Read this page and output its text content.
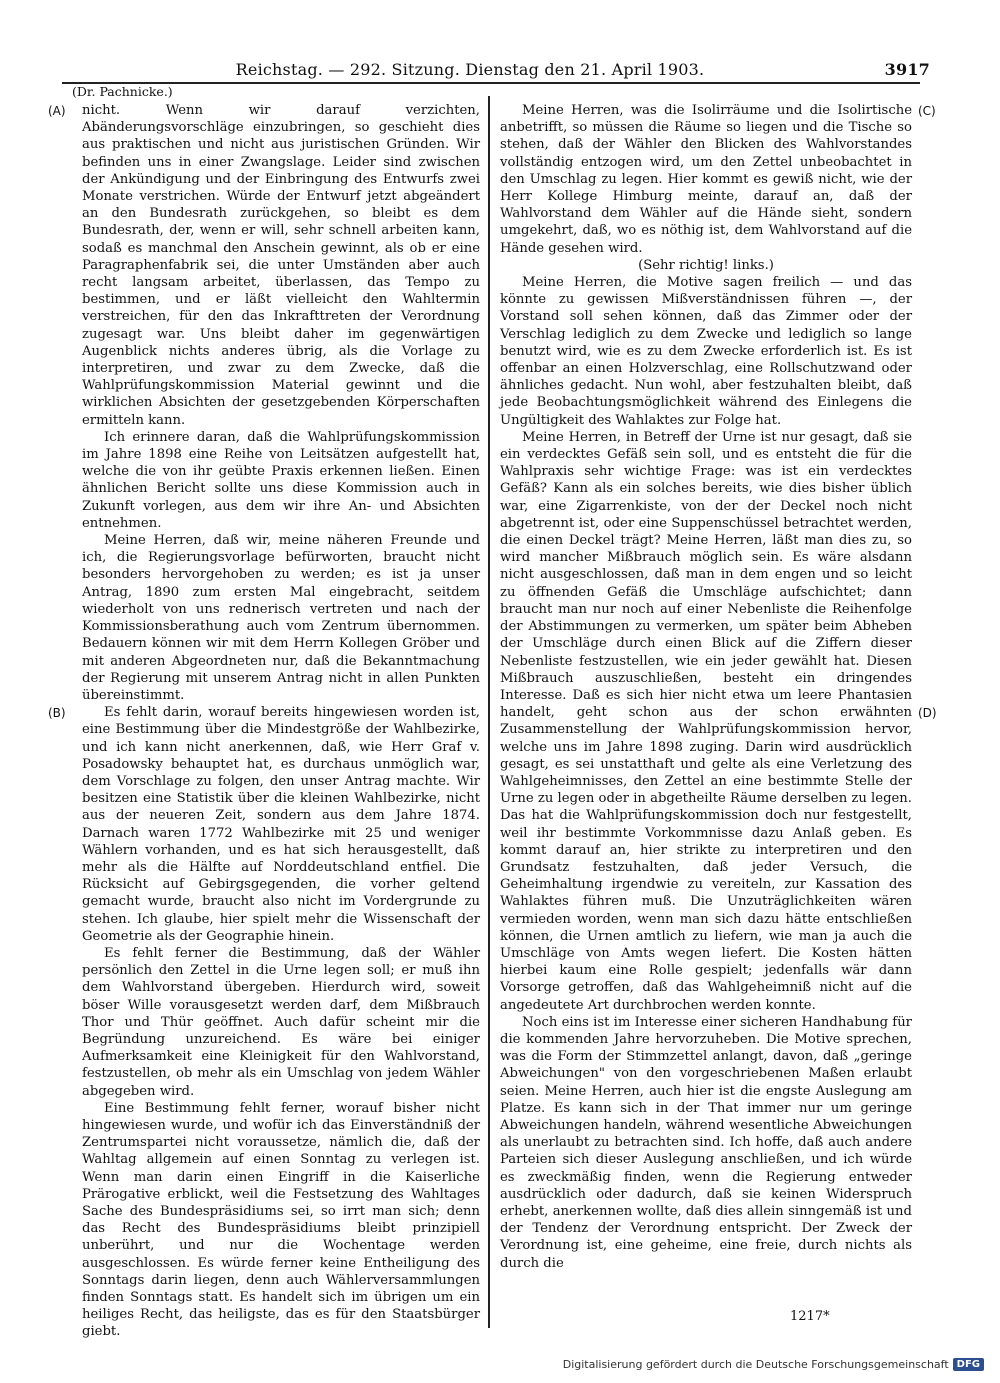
Reichstag. — 292. Sitzung. Dienstag den 21. April 1903.	3917
(Dr. Pachnicke.)
(A)
(B)
(C)
(D)

nicht. Wenn wir darauf verzichten, Abänderungsvorschläge einzubringen, so geschieht dies aus praktischen und nicht aus juristischen Gründen. Wir befinden uns in einer Zwangslage. Leider sind zwischen der Ankündigung und der Einbringung des Entwurfs zwei Monate verstrichen. Würde der Entwurf jetzt abgeändert an den Bundesrath zurückgehen, so bleibt es dem Bundesrath, der, wenn er will, sehr schnell arbeiten kann, sodaß es manchmal den Anschein gewinnt, als ob er eine Paragraphenfabrik sei, die unter Umständen aber auch recht langsam arbeitet, überlassen, das Tempo zu bestimmen, und er läßt vielleicht den Wahltermin verstreichen, für den das Inkrafttreten der Verordnung zugesagt war. Uns bleibt daher im gegenwärtigen Augenblick nichts anderes übrig, als die Vorlage zu interpretiren, und zwar zu dem Zwecke, daß die Wahlprüfungskommission Material gewinnt und die wirklichen Absichten der gesetzgebenden Körperschaften ermitteln kann.

Ich erinnere daran, daß die Wahlprüfungskommission im Jahre 1898 eine Reihe von Leitsätzen aufgestellt hat, welche die von ihr geübte Praxis erkennen ließen. Einen ähnlichen Bericht sollte uns diese Kommission auch in Zukunft vorlegen, aus dem wir ihre An- und Absichten entnehmen.

Meine Herren, daß wir, meine näheren Freunde und ich, die Regierungsvorlage befürworten, braucht nicht besonders hervorgehoben zu werden; es ist ja unser Antrag, 1890 zum ersten Mal eingebracht, seitdem wiederholt von uns rednerisch vertreten und nach der Kommissionsberathung auch vom Zentrum übernommen. Bedauern können wir mit dem Herrn Kollegen Gröber und mit anderen Abgeordneten nur, daß die Bekanntmachung der Regierung mit unserem Antrag nicht in allen Punkten übereinstimmt.

Es fehlt darin, worauf bereits hingewiesen worden ist, eine Bestimmung über die Mindestgröße der Wahlbezirke, und ich kann nicht anerkennen, daß, wie Herr Graf v. Posadowsky behauptet hat, es durchaus unmöglich war, dem Vorschlage zu folgen, den unser Antrag machte. Wir besitzen eine Statistik über die kleinen Wahlbezirke, nicht aus der neueren Zeit, sondern aus dem Jahre 1874. Darnach waren 1772 Wahlbezirke mit 25 und weniger Wählern vorhanden, und es hat sich herausgestellt, daß mehr als die Hälfte auf Norddeutschland entfiel. Die Rücksicht auf Gebirgsgegenden, die vorher geltend gemacht wurde, braucht also nicht im Vordergrunde zu stehen. Ich glaube, hier spielt mehr die Wissenschaft der Geometrie als der Geographie hinein.

Es fehlt ferner die Bestimmung, daß der Wähler persönlich den Zettel in die Urne legen soll; er muß ihn dem Wahlvorstand übergeben. Hierdurch wird, soweit böser Wille vorausgesetzt werden darf, dem Mißbrauch Thor und Thür geöffnet. Auch dafür scheint mir die Begründung unzureichend. Es wäre bei einiger Aufmerksamkeit eine Kleinigkeit für den Wahlvorstand, festzustellen, ob mehr als ein Umschlag von jedem Wähler abgegeben wird.

Eine Bestimmung fehlt ferner, worauf bisher nicht hingewiesen wurde, und wofür ich das Einverständniß der Zentrumspartei nicht voraussetze, nämlich die, daß der Wahltag allgemein auf einen Sonntag zu verlegen ist. Wenn man darin einen Eingriff in die Kaiserliche Prärogative erblickt, weil die Festsetzung des Wahltages Sache des Bundespräsidiums sei, so irrt man sich; denn das Recht des Bundespräsidiums bleibt prinzipiell unberührt, und nur die Wochentage werden ausgeschlossen. Es würde ferner keine Entheiligung des Sonntags darin liegen, denn auch Wählerversammlungen finden Sonntags statt. Es handelt sich im übrigen um ein heiliges Recht, das heiligste, das es für den Staatsbürger giebt.

Meine Herren, was die Isolirräume und die Isolirtische anbetrifft, so müssen die Räume so liegen und die Tische so stehen, daß der Wähler den Blicken des Wahlvorstandes vollständig entzogen wird, um den Zettel unbeobachtet in den Umschlag zu legen. Hier kommt es gewiß nicht, wie der Herr Kollege Himburg meinte, darauf an, daß der Wahlvorstand dem Wähler auf die Hände sieht, sondern umgekehrt, daß, wo es nöthig ist, dem Wahlvorstand auf die Hände gesehen wird.

(Sehr richtig! links.)

Meine Herren, die Motive sagen freilich — und das könnte zu gewissen Mißverständnissen führen —, der Vorstand soll sehen können, daß das Zimmer oder der Verschlag lediglich zu dem Zwecke und lediglich so lange benutzt wird, wie es zu dem Zwecke erforderlich ist. Es ist offenbar an einen Holzverschlag, eine Rollschutzwand oder ähnliches gedacht. Nun wohl, aber festzuhalten bleibt, daß jede Beobachtungsmöglichkeit während des Einlegens die Ungültigkeit des Wahlaktes zur Folge hat.

Meine Herren, in Betreff der Urne ist nur gesagt, daß sie ein verdecktes Gefäß sein soll, und es entsteht die für die Wahlpraxis sehr wichtige Frage: was ist ein verdecktes Gefäß? Kann als ein solches bereits, wie dies bisher üblich war, eine Zigarrenkiste, von der der Deckel noch nicht abgetrennt ist, oder eine Suppenschüssel betrachtet werden, die einen Deckel trägt? Meine Herren, läßt man dies zu, so wird mancher Mißbrauch möglich sein. Es wäre alsdann nicht ausgeschlossen, daß man in dem engen und so leicht zu öffnenden Gefäß die Umschläge aufschichtet; dann braucht man nur noch auf einer Nebenliste die Reihenfolge der Abstimmungen zu vermerken, um später beim Abheben der Umschläge durch einen Blick auf die Ziffern dieser Nebenliste festzustellen, wie ein jeder gewählt hat. Diesen Mißbrauch auszuschließen, besteht ein dringendes Interesse. Daß es sich hier nicht etwa um leere Phantasien handelt, geht schon aus der schon erwähnten Zusammenstellung der Wahlprüfungskommission hervor, welche uns im Jahre 1898 zuging. Darin wird ausdrücklich gesagt, es sei unstatthaft und gelte als eine Verletzung des Wahlgeheimnisses, den Zettel an eine bestimmte Stelle der Urne zu legen oder in abgetheilte Räume derselben zu legen. Das hat die Wahlprüfungskommission doch nur festgestellt, weil ihr bestimmte Vorkommnisse dazu Anlaß geben. Es kommt darauf an, hier strikte zu interpretiren und den Grundsatz festzuhalten, daß jeder Versuch, die Geheimhaltung irgendwie zu vereiteln, zur Kassation des Wahlaktes führen muß. Die Unzuträglichkeiten wären vermieden worden, wenn man sich dazu hätte entschließen können, die Urnen amtlich zu liefern, wie man ja auch die Umschläge von Amts wegen liefert. Die Kosten hätten hierbei kaum eine Rolle gespielt; jedenfalls wär dann Vorsorge getroffen, daß das Wahlgeheimniß nicht auf die angedeutete Art durchbrochen werden konnte.

Noch eins ist im Interesse einer sicheren Handhabung für die kommenden Jahre hervorzuheben. Die Motive sprechen, was die Form der Stimmzettel anlangt, davon, daß „geringe Abweichungen" von den vorgeschriebenen Maßen erlaubt seien. Meine Herren, auch hier ist die engste Auslegung am Platze. Es kann sich in der That immer nur um geringe Abweichungen handeln, während wesentliche Abweichungen als unerlaubt zu betrachten sind. Ich hoffe, daß auch andere Parteien sich dieser Auslegung anschließen, und ich würde es zweckmäßig finden, wenn die Regierung entweder ausdrücklich oder dadurch, daß sie keinen Widerspruch erhebt, anerkennen wollte, daß dies allein sinngemäß ist und der Tendenz der Verordnung entspricht. Der Zweck der Verordnung ist, eine geheime, eine freie, durch nichts als durch die

1217*
Digitalisierung gefördert durch die Deutsche Forschungsgemeinschaft DFG
